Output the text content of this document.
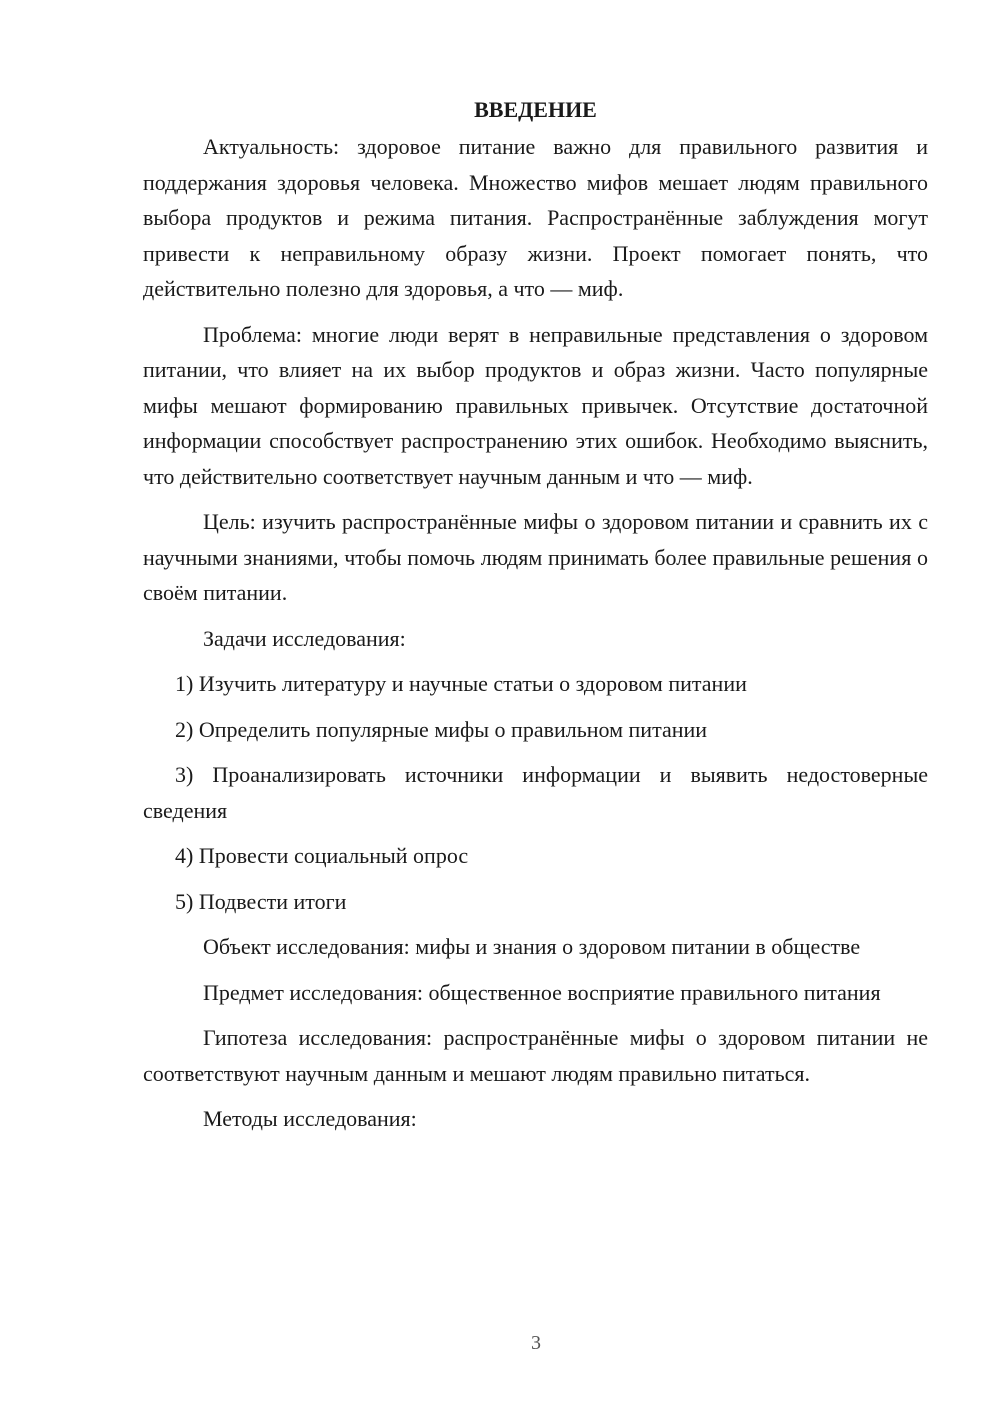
ВВЕДЕНИЕ

Актуальность: здоровое питание важно для правильного развития и поддержания здоровья человека. Множество мифов мешает людям правильного выбора продуктов и режима питания. Распространённые заблуждения могут привести к неправильному образу жизни. Проект помогает понять, что действительно полезно для здоровья, а что — миф.

Проблема: многие люди верят в неправильные представления о здоровом питании, что влияет на их выбор продуктов и образ жизни. Часто популярные мифы мешают формированию правильных привычек. Отсутствие достаточной информации способствует распространению этих ошибок. Необходимо выяснить, что действительно соответствует научным данным и что — миф.

Цель: изучить распространённые мифы о здоровом питании и сравнить их с научными знаниями, чтобы помочь людям принимать более правильные решения о своём питании.

Задачи исследования:

1) Изучить литературу и научные статьи о здоровом питании

2) Определить популярные мифы о правильном питании

3) Проанализировать источники информации и выявить недостоверные сведения

4) Провести социальный опрос

5) Подвести итоги

Объект исследования: мифы и знания о здоровом питании в обществе

Предмет исследования: общественное восприятие правильного питания

Гипотеза исследования: распространённые мифы о здоровом питании не соответствуют научным данным и мешают людям правильно питаться.

Методы исследования:

3
